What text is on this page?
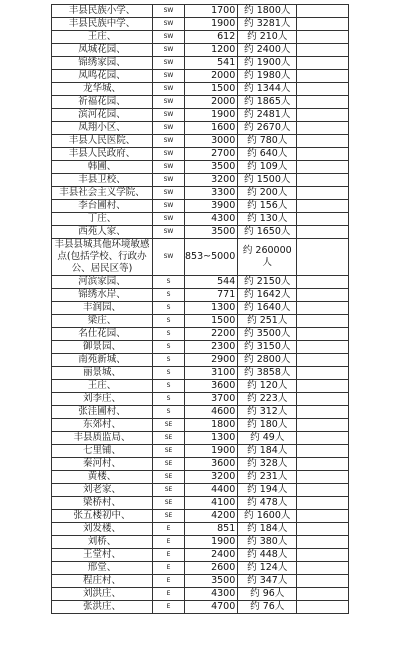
丰县民族小学、	SW	1700	约 1800人	
丰县民族中学、	SW	1900	约 3281人	
王庄、	SW	612	约 210人	
凤城花园、	SW	1200	约 2400人	
锦绣家园、	SW	541	约 1900人	
凤鸣花园、	SW	2000	约 1980人	
龙华城、	SW	1500	约 1344人	
祈福花园、	SW	2000	约 1865人	
滨河花园、	SW	1900	约 2481人	
凤翔小区、	SW	1600	约 2670人	
丰县人民医院、	SW	3000	约 780人	
丰县人民政府、	SW	2700	约 640人	
韩圃、	SW	3500	约 109人	
丰县卫校、	SW	3200	约 1500人	
丰县社会主义学院、	SW	3300	约 200人	
李台圃村、	SW	3900	约 156人	
丁庄、	SW	4300	约 130人	
西苑人家、	SW	3500	约 1650人	
丰县县城其他环境敏感点(包括学校、行政办公、居民区等)	SW	853~5000	约 260000人	
河滨家园、	S	544	约 2150人	
锦绣水岸、	S	771	约 1642人	
丰润园、	S	1300	约 1640人	
梁庄、	S	1500	约 251人	
名仕花园、	S	2200	约 3500人	
御景园、	S	2300	约 3150人	
南苑新城、	S	2900	约 2800人	
丽景城、	S	3100	约 3858人	
王庄、	S	3600	约 120人	
刘李庄、	S	3700	约 223人	
张洼圃村、	S	4600	约 312人	
东郊村、	SE	1800	约 180人	
丰县质监局、	SE	1300	约 49人	
七里铺、	SE	1900	约 184人	
秦河村、	SE	3600	约 328人	
黄楼、	SE	3200	约 231人	
刘老家、	SE	4400	约 194人	
梁桥村、	SE	4100	约 478人	
张五楼初中、	SE	4200	约 1600人	
刘发楼、	E	851	约 184人	
刘桥、	E	1900	约 380人	
王堂村、	E	2400	约 448人	
邢堂、	E	2600	约 124人	
程庄村、	E	3500	约 347人	
刘洪庄、	E	4300	约 96人	
张洪庄、	E	4700	约 76人	
